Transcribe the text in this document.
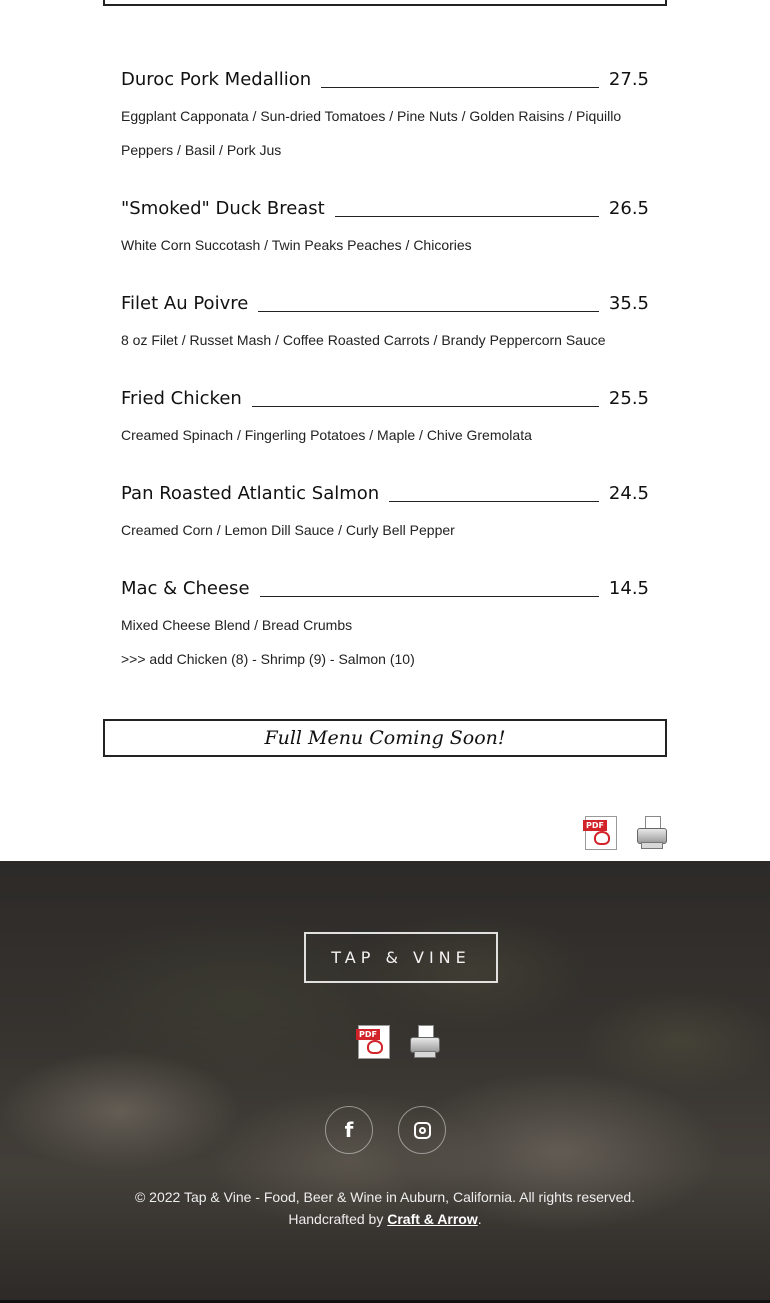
Duroc Pork Medallion	27.5
Eggplant Capponata / Sun-dried Tomatoes / Pine Nuts / Golden Raisins / Piquillo
Peppers / Basil / Pork Jus
"Smoked" Duck Breast	26.5
White Corn Succotash / Twin Peaks Peaches / Chicories
Filet Au Poivre	35.5
8 oz Filet / Russet Mash / Coffee Roasted Carrots / Brandy Peppercorn Sauce
Fried Chicken	25.5
Creamed Spinach / Fingerling Potatoes / Maple / Chive Gremolata
Pan Roasted Atlantic Salmon	24.5
Creamed Corn / Lemon Dill Sauce / Curly Bell Pepper
Mac & Cheese	14.5
Mixed Cheese Blend / Bread Crumbs
>>> add Chicken (8) - Shrimp (9) - Salmon (10)
Full Menu Coming Soon!
PDF
TAP & VINE
PDF
f
© 2022 Tap & Vine - Food, Beer & Wine in Auburn, California. All rights reserved.
Handcrafted by Craft & Arrow.
